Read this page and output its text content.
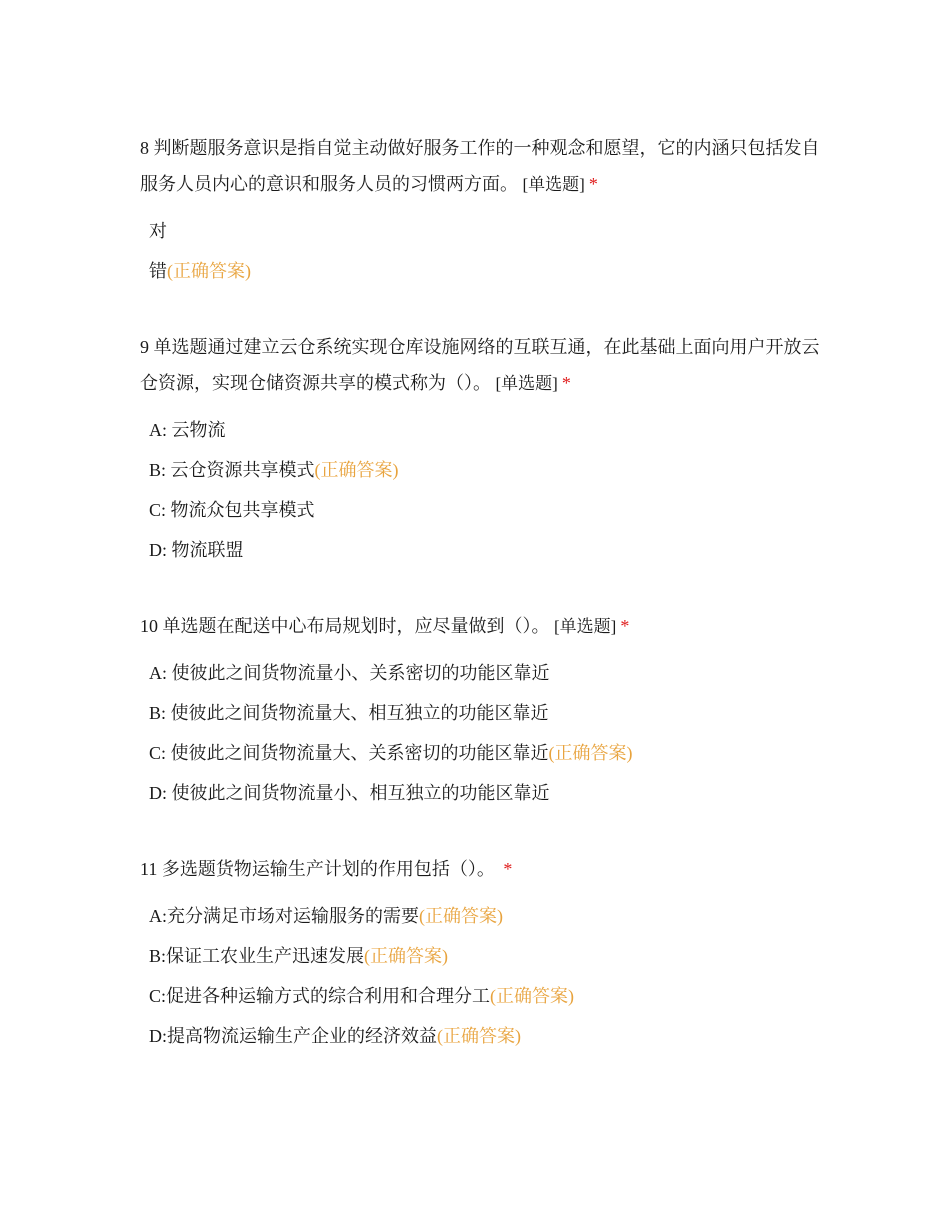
8 判断题服务意识是指自觉主动做好服务工作的一种观念和愿望，它的内涵只包括发自服务人员内心的意识和服务人员的习惯两方面。 [单选题] *

对
错(正确答案)

9 单选题通过建立云仓系统实现仓库设施网络的互联互通，在此基础上面向用户开放云仓资源，实现仓储资源共享的模式称为（）。 [单选题] *

A: 云物流
B: 云仓资源共享模式(正确答案)
C: 物流众包共享模式
D: 物流联盟

10 单选题在配送中心布局规划时，应尽量做到（）。 [单选题] *

A: 使彼此之间货物流量小、关系密切的功能区靠近
B: 使彼此之间货物流量大、相互独立的功能区靠近
C: 使彼此之间货物流量大、关系密切的功能区靠近(正确答案)
D: 使彼此之间货物流量小、相互独立的功能区靠近

11 多选题货物运输生产计划的作用包括（）。 *

A:充分满足市场对运输服务的需要(正确答案)
B:保证工农业生产迅速发展(正确答案)
C:促进各种运输方式的综合利用和合理分工(正确答案)
D:提高物流运输生产企业的经济效益(正确答案)
